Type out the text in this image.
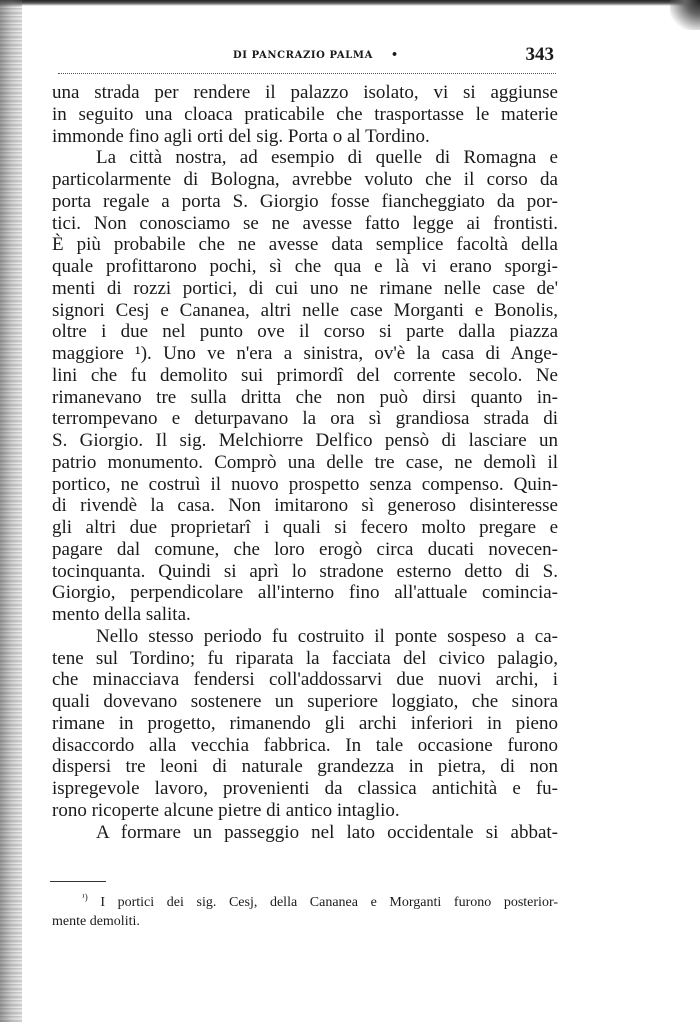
DI PANCRAZIO PALMA •	343
una strada per rendere il palazzo isolato, vi si aggiunse
in seguito una cloaca praticabile che trasportasse le materie
immonde fino agli orti del sig. Porta o al Tordino.
La città nostra, ad esempio di quelle di Romagna e
particolarmente di Bologna, avrebbe voluto che il corso da
porta regale a porta S. Giorgio fosse fiancheggiato da por-
tici. Non conosciamo se ne avesse fatto legge ai frontisti.
È più probabile che ne avesse data semplice facoltà della
quale profittarono pochi, sì che qua e là vi erano sporgi-
menti di rozzi portici, di cui uno ne rimane nelle case de'
signori Cesj e Cananea, altri nelle case Morganti e Bonolis,
oltre i due nel punto ove il corso si parte dalla piazza
maggiore ¹). Uno ve n'era a sinistra, ov'è la casa di Ange-
lini che fu demolito sui primordî del corrente secolo. Ne
rimanevano tre sulla dritta che non può dirsi quanto in-
terrompevano e deturpavano la ora sì grandiosa strada di
S. Giorgio. Il sig. Melchiorre Delfico pensò di lasciare un
patrio monumento. Comprò una delle tre case, ne demolì il
portico, ne costruì il nuovo prospetto senza compenso. Quin-
di rivendè la casa. Non imitarono sì generoso disinteresse
gli altri due proprietarî i quali si fecero molto pregare e
pagare dal comune, che loro erogò circa ducati novecen-
tocinquanta. Quindi si aprì lo stradone esterno detto di S.
Giorgio, perpendicolare all'interno fino all'attuale comincia-
mento della salita.
Nello stesso periodo fu costruito il ponte sospeso a ca-
tene sul Tordino; fu riparata la facciata del civico palagio,
che minacciava fendersi coll'addossarvi due nuovi archi, i
quali dovevano sostenere un superiore loggiato, che sinora
rimane in progetto, rimanendo gli archi inferiori in pieno
disaccordo alla vecchia fabbrica. In tale occasione furono
dispersi tre leoni di naturale grandezza in pietra, di non
ispregevole lavoro, provenienti da classica antichità e fu-
rono ricoperte alcune pietre di antico intaglio.
A formare un passeggio nel lato occidentale si abbat-
$^{^1)}$ I portici dei sig. Cesj, della Cananea e Morganti furono posterior-
mente demoliti.
